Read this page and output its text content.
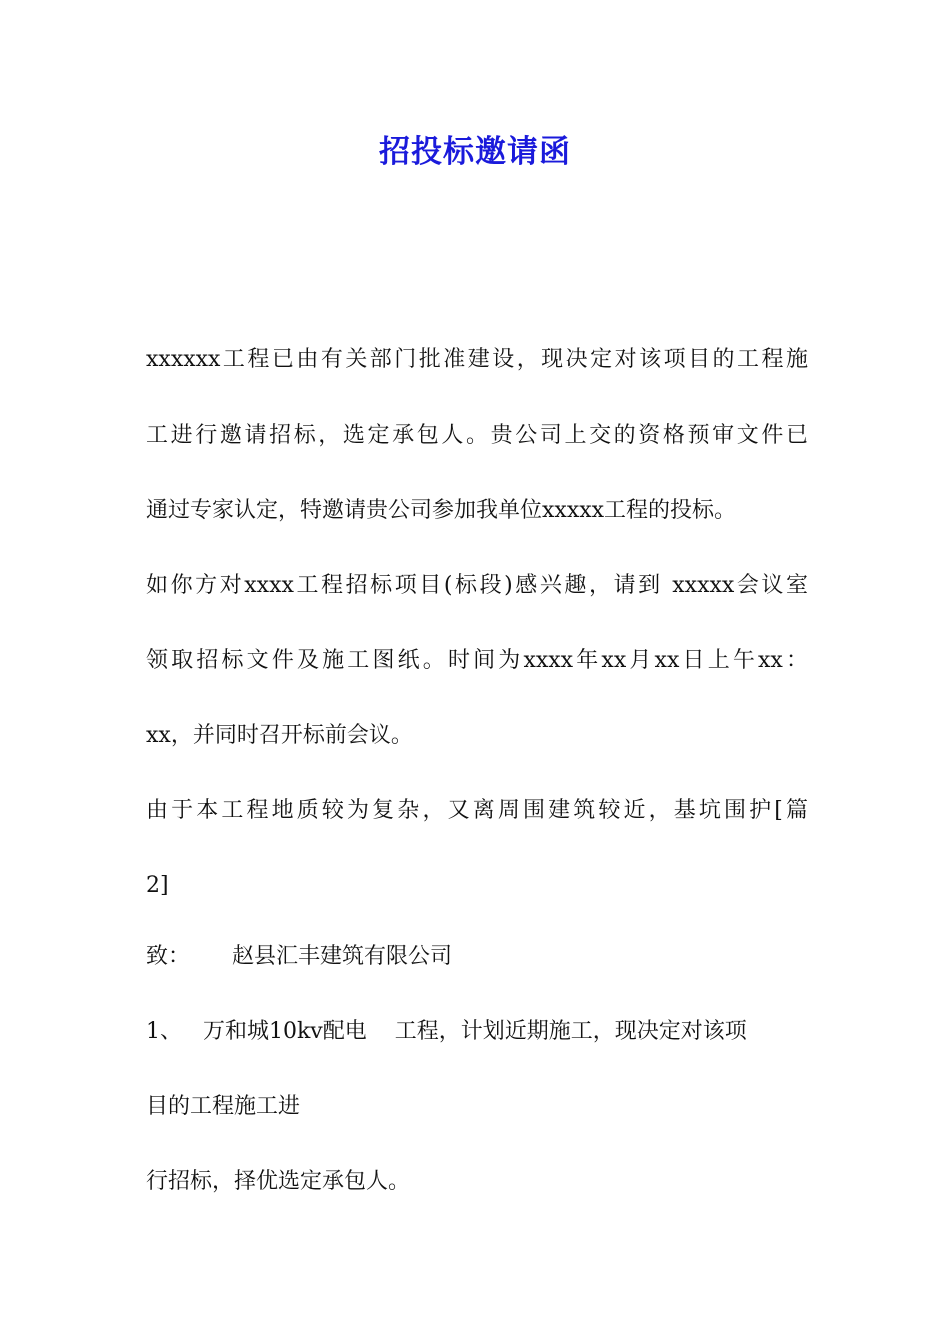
招投标邀请函
xxxxxx工程已由有关部门批准建设，现决定对该项目的工程施
工进行邀请招标，选定承包人。贵公司上交的资格预审文件已
通过专家认定，特邀请贵公司参加我单位xxxxx工程的投标。
如你方对xxxx工程招标项目(标段)感兴趣，请到 xxxxx会议室
领取招标文件及施工图纸。时间为xxxx年xx月xx日上午xx：
xx，并同时召开标前会议。
由于本工程地质较为复杂，又离周围建筑较近，基坑围护[篇
2]
致：      赵县汇丰建筑有限公司
1、   万和城10kv配电    工程，计划近期施工，现决定对该项
目的工程施工进
行招标，择优选定承包人。
